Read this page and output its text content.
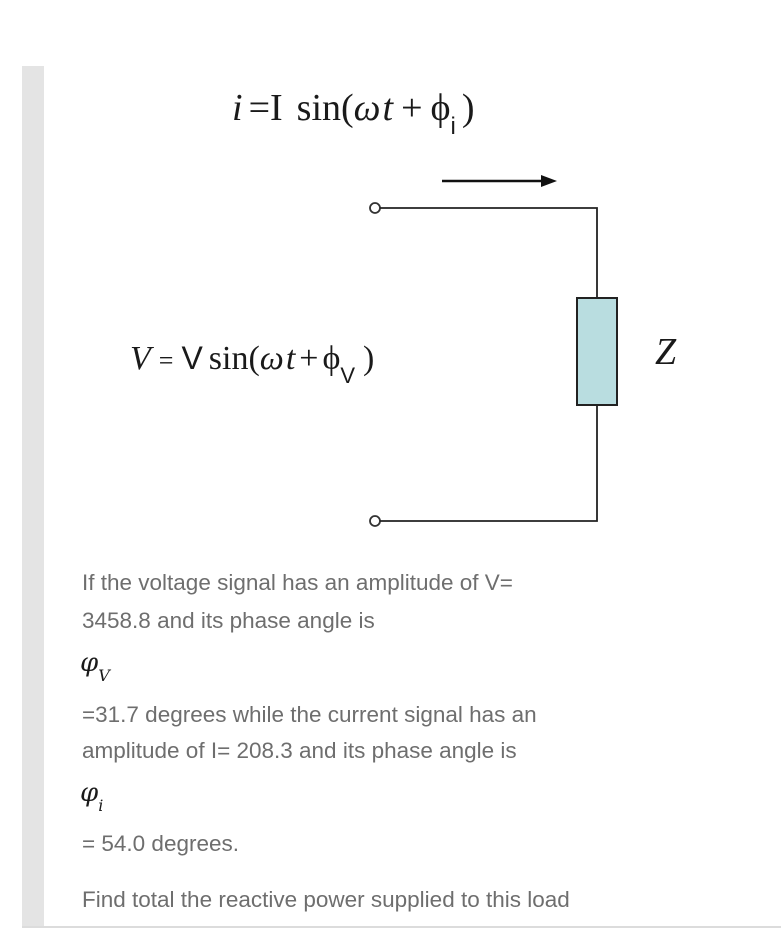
i =I $\sin(\omega t + \phi_i$ )
Z
V = V $\sin(\omega t + \phi_V$ )
If the voltage signal has an amplitude of V=
3458.8 and its phase angle is
$\varphi_V$
=31.7 degrees while the current signal has an
amplitude of I= 208.3 and its phase angle is
$\varphi_i$
= 54.0 degrees.
Find total the reactive power supplied to this load
